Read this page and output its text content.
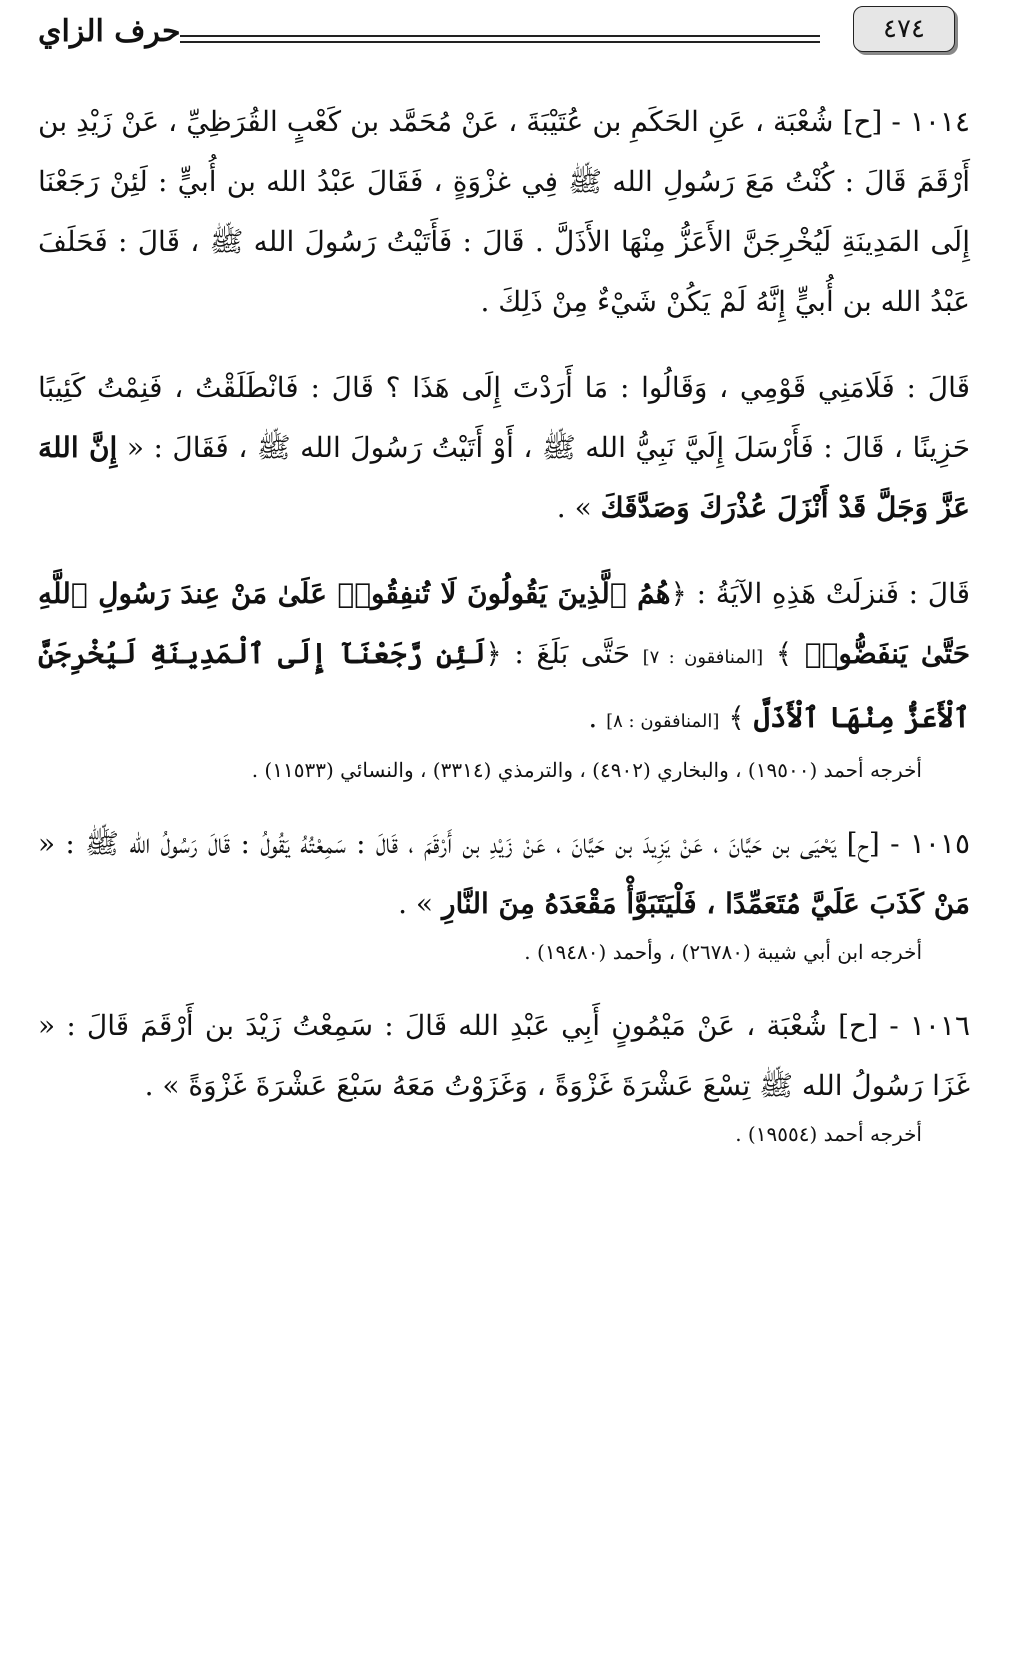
٤٧٤
حرف الزاي

١٠١٤ - [ح] شُعْبَة ، عَنِ الحَكَمِ بن عُتَيْبَةَ ، عَنْ مُحَمَّد بن كَعْبٍ القُرَظِيِّ ، عَنْ زَيْدِ بن أَرْقَمَ قَالَ : كُنْتُ مَعَ رَسُولِ الله ﷺ فِي غزْوَةٍ ، فَقَالَ عَبْدُ الله بن أُبيٍّ : لَئِنْ رَجَعْنَا إِلَى المَدِينَةِ لَيُخْرِجَنَّ الأَعَزُّ مِنْهَا الأَذَلَّ . قَالَ : فَأَتَيْتُ رَسُولَ الله ﷺ ، قَالَ : فَحَلَفَ عَبْدُ الله بن أُبيٍّ إِنَّهُ لَمْ يَكُنْ شَيْءٌ مِنْ ذَلِكَ .

قَالَ : فَلَامَنِي قَوْمِي ، وَقَالُوا : مَا أَرَدْتَ إِلَى هَذَا ؟ قَالَ : فَانْطَلَقْتُ ، فَنِمْتُ كَئِيبًا حَزِينًا ، قَالَ : فَأَرْسَلَ إِلَيَّ نَبِيُّ الله ﷺ ، أَوْ أَتَيْتُ رَسُولَ الله ﷺ ، فَقَالَ : « إِنَّ اللهَ عَزَّ وَجَلَّ قَدْ أَنْزَلَ عُذْرَكَ وَصَدَّقَكَ » .

قَالَ : فَنزلَتْ هَذِهِ الآيَةُ : ﴿هُمُ ٱلَّذِينَ يَقُولُونَ لَا تُنفِقُوا۟ عَلَىٰ مَنْ عِندَ رَسُولِ ٱللَّهِ حَتَّىٰ يَنفَضُّوا۟ ﴾ [المنافقون : ٧] حَتَّى بَلَغَ : ﴿لَئِن رَّجَعْنَآ إِلَى ٱلْمَدِينَةِ لَيُخْرِجَنَّ ٱلْأَعَزُّ مِنْهَا ٱلْأَذَلَّ ﴾ [المنافقون : ٨] .

أخرجه أحمد (١٩٥٠٠) ، والبخاري (٤٩٠٢) ، والترمذي (٣٣١٤) ، والنسائي (١١٥٣٣) .

١٠١٥ - [ح] يَحْيَى بن حَيَّانَ ، عَنْ يَزِيدَ بن حَيَّانَ ، عَنْ زَيْدِ بن أَرْقَمَ ، قَالَ : سَمِعْتُهُ يَقُولُ : قَالَ رَسُولُ الله ﷺ : « مَنْ كَذَبَ عَلَيَّ مُتَعَمِّدًا ، فَلْيَتَبَوَّأْ مَقْعَدَهُ مِنَ النَّارِ » .

أخرجه ابن أبي شيبة (٢٦٧٨٠) ، وأحمد (١٩٤٨٠) .

١٠١٦ - [ح] شُعْبَة ، عَنْ مَيْمُونٍ أَبِي عَبْدِ الله قَالَ : سَمِعْتُ زَيْدَ بن أَرْقَمَ قَالَ : « غَزَا رَسُولُ الله ﷺ تِسْعَ عَشْرَةَ غَزْوَةً ، وَغَزَوْتُ مَعَهُ سَبْعَ عَشْرَةَ غَزْوَةً » .

أخرجه أحمد (١٩٥٥٤) .
